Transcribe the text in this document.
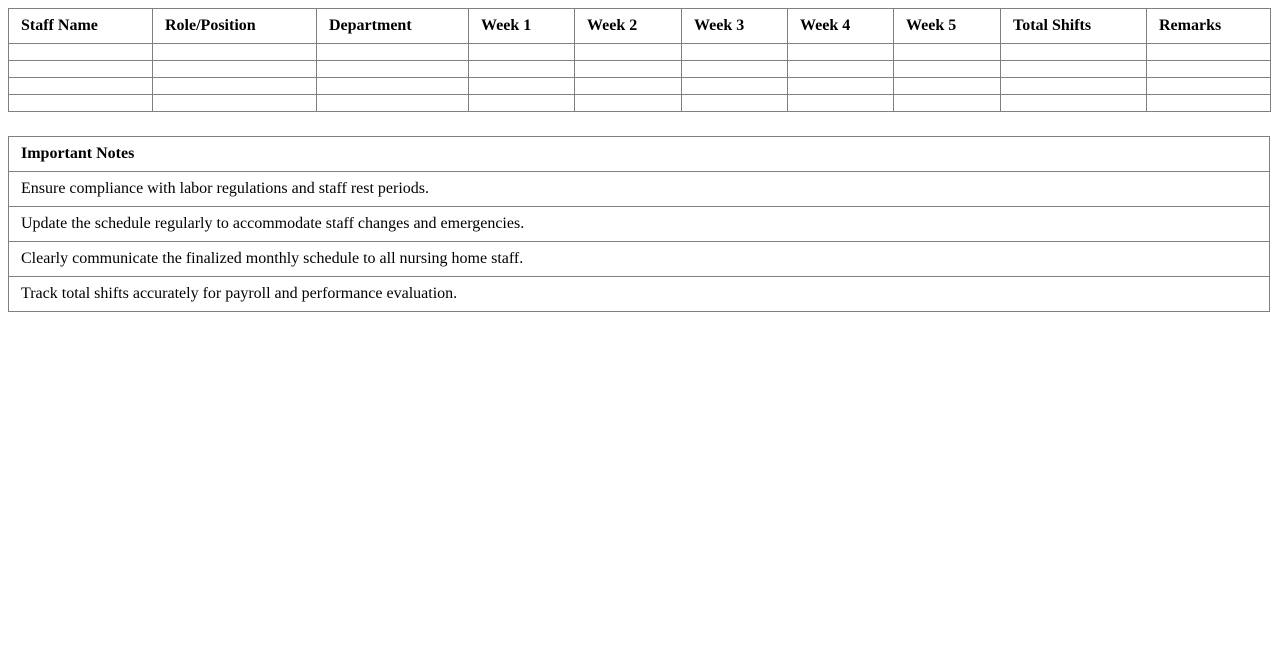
Staff Name	Role/Position	Department	Week 1	Week 2	Week 3	Week 4	Week 5	Total Shifts	Remarks

Important Notes
Ensure compliance with labor regulations and staff rest periods.
Update the schedule regularly to accommodate staff changes and emergencies.
Clearly communicate the finalized monthly schedule to all nursing home staff.
Track total shifts accurately for payroll and performance evaluation.
